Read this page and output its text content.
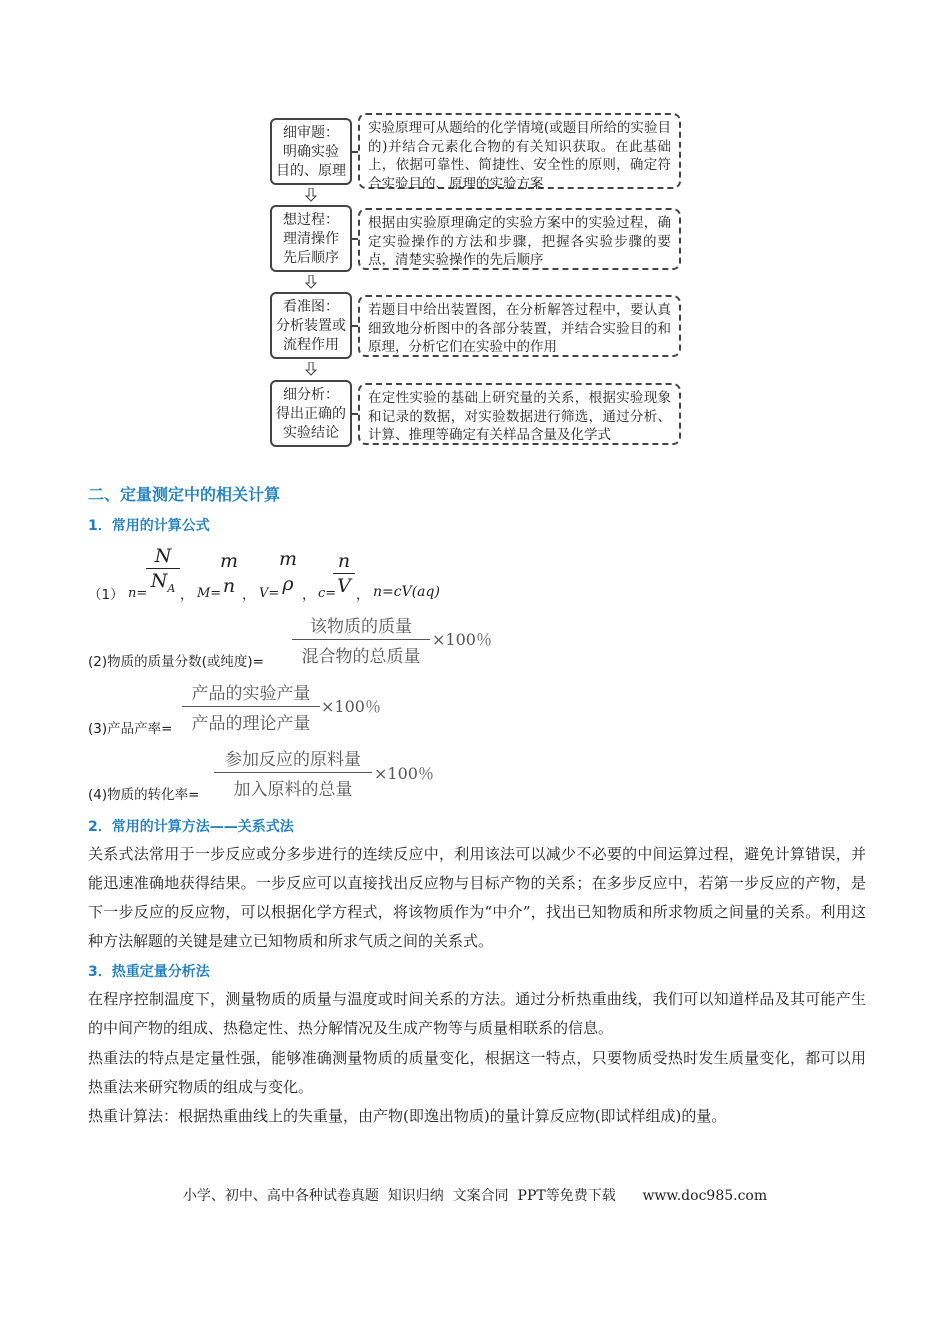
细审题：
明确实验
目的、原理
实验原理可从题给的化学情境(或题目所给的实验目的)并结合元素化合物的有关知识获取。在此基础上，依据可靠性、简捷性、安全性的原则，确定符合实验目的、原理的实验方案
想过程：
理清操作
先后顺序
根据由实验原理确定的实验方案中的实验过程，确定实验操作的方法和步骤，把握各实验步骤的要点，清楚实验操作的先后顺序
看准图：
分析装置或
流程作用
若题目中给出装置图，在分析解答过程中，要认真细致地分析图中的各部分装置，并结合实验目的和原理，分析它们在实验中的作用
细分析：
得出正确的
实验结论
在定性实验的基础上研究量的关系，根据实验现象和记录的数据，对实验数据进行筛选，通过分析、计算、推理等确定有关样品含量及化学式
二、定量测定中的相关计算
1．常用的计算公式
（1） n=
N
$N_A$ ， M=
m
n ， V=
m
ρ ， c=
n
V ， n=cV(aq)
(2)物质的质量分数(或纯度)=
该物质的质量
混合物的总质量
×100％
(3)产品产率=
产品的实验产量
产品的理论产量
×100％
(4)物质的转化率=
参加反应的原料量
加入原料的总量
×100％
2．常用的计算方法——关系式法
关系式法常用于一步反应或分多步进行的连续反应中，利用该法可以减少不必要的中间运算过程，避免计算错误，并能迅速准确地获得结果。一步反应可以直接找出反应物与目标产物的关系；在多步反应中，若第一步反应的产物，是下一步反应的反应物，可以根据化学方程式，将该物质作为“中介”，找出已知物质和所求物质之间量的关系。利用这种方法解题的关键是建立已知物质和所求气质之间的关系式。
3．热重定量分析法
在程序控制温度下，测量物质的质量与温度或时间关系的方法。通过分析热重曲线，我们可以知道样品及其可能产生的中间产物的组成、热稳定性、热分解情况及生成产物等与质量相联系的信息。
热重法的特点是定量性强，能够准确测量物质的质量变化，根据这一特点，只要物质受热时发生质量变化，都可以用热重法来研究物质的组成与变化。
热重计算法：根据热重曲线上的失重量，由产物(即逸出物质)的量计算反应物(即试样组成)的量。
小学、初中、高中各种试卷真题  知识归纳  文案合同  PPT等免费下载      www.doc985.com
